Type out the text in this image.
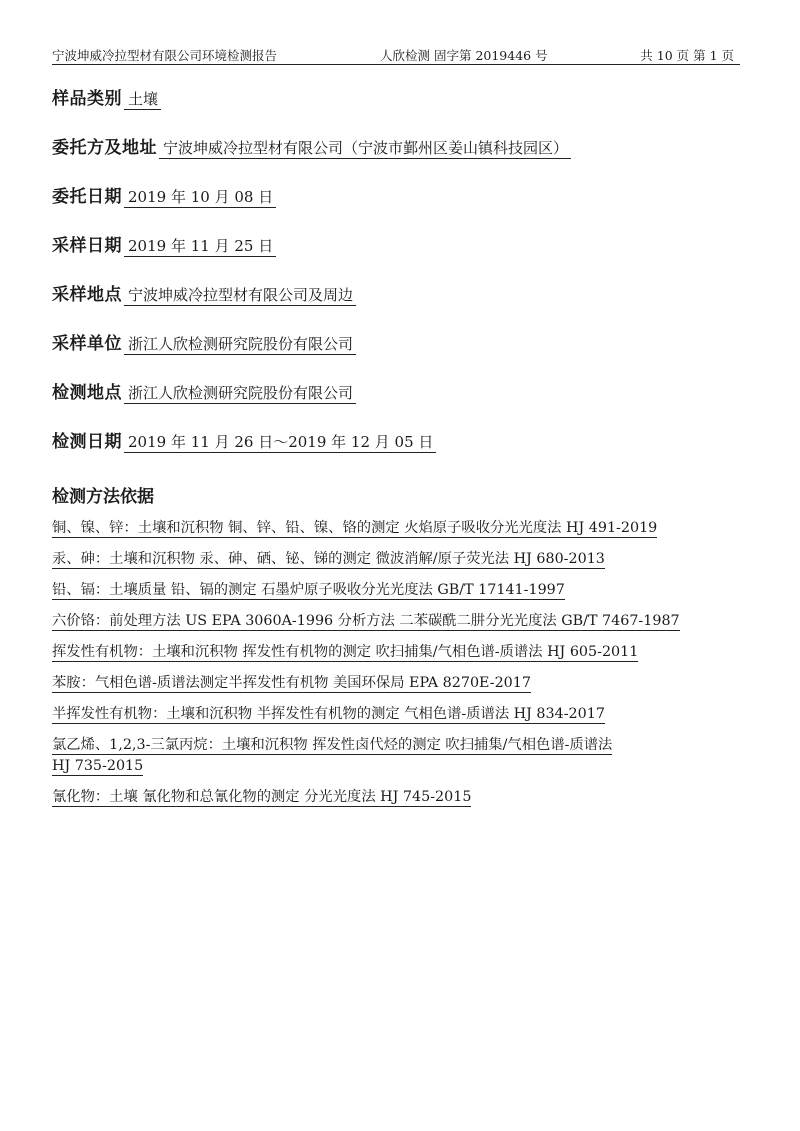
宁波坤威冷拉型材有限公司环境检测报告	人欣检测 固字第 2019446 号	共 10 页 第 1 页
样品类别 土壤
委托方及地址 宁波坤威冷拉型材有限公司（宁波市鄞州区姜山镇科技园区）
委托日期 2019 年 10 月 08 日
采样日期 2019 年 11 月 25 日
采样地点 宁波坤威冷拉型材有限公司及周边
采样单位 浙江人欣检测研究院股份有限公司
检测地点 浙江人欣检测研究院股份有限公司
检测日期 2019 年 11 月 26 日～2019 年 12 月 05 日
检测方法依据
铜、镍、锌：土壤和沉积物 铜、锌、铅、镍、铬的测定 火焰原子吸收分光光度法 HJ 491-2019
汞、砷：土壤和沉积物 汞、砷、硒、铋、锑的测定 微波消解/原子荧光法 HJ 680-2013
铅、镉：土壤质量 铅、镉的测定 石墨炉原子吸收分光光度法 GB/T 17141-1997
六价铬：前处理方法 US EPA 3060A-1996 分析方法 二苯碳酰二肼分光光度法 GB/T 7467-1987
挥发性有机物：土壤和沉积物 挥发性有机物的测定 吹扫捕集/气相色谱-质谱法 HJ 605-2011
苯胺：气相色谱-质谱法测定半挥发性有机物 美国环保局 EPA 8270E-2017
半挥发性有机物：土壤和沉积物 半挥发性有机物的测定 气相色谱-质谱法 HJ 834-2017
氯乙烯、1,2,3-三氯丙烷：土壤和沉积物 挥发性卤代烃的测定 吹扫捕集/气相色谱-质谱法
HJ 735-2015
氰化物：土壤 氰化物和总氰化物的测定 分光光度法 HJ 745-2015
